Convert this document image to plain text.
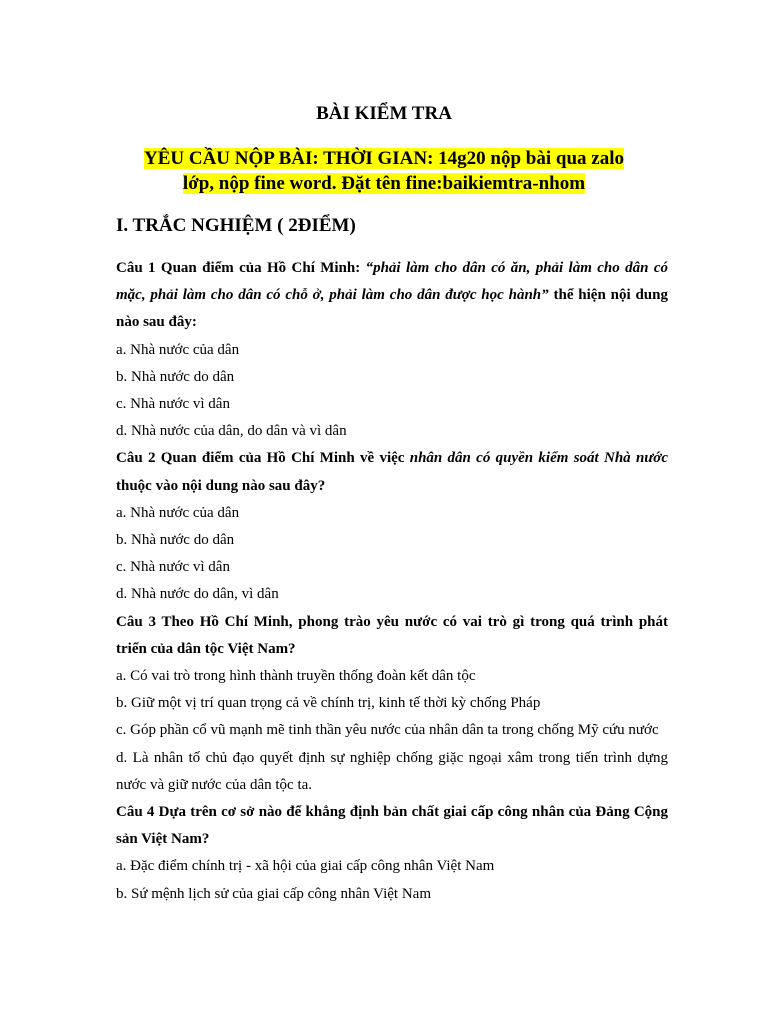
BÀI KIỂM TRA
YÊU CẦU NỘP BÀI: THỜI GIAN: 14g20 nộp bài qua zalo
lớp, nộp fine word. Đặt tên fine:baikiemtra-nhom
I. TRẮC NGHIỆM ( 2ĐIỂM)

Câu 1 Quan điểm của Hồ Chí Minh: “phải làm cho dân có ăn, phải làm cho dân có mặc, phải làm cho dân có chỗ ở, phải làm cho dân được học hành” thể hiện nội dung nào sau đây:

a. Nhà nước của dân

b. Nhà nước do dân

c. Nhà nước vì dân

d. Nhà nước của dân, do dân và vì dân

Câu 2 Quan điểm của Hồ Chí Minh về việc nhân dân có quyền kiểm soát Nhà nước thuộc vào nội dung nào sau đây?

a. Nhà nước của dân

b. Nhà nước do dân

c. Nhà nước vì dân

d. Nhà nước do dân, vì dân

Câu 3 Theo Hồ Chí Minh, phong trào yêu nước có vai trò gì trong quá trình phát triển của dân tộc Việt Nam?

a. Có vai trò trong hình thành truyền thống đoàn kết dân tộc

b. Giữ một vị trí quan trọng cả về chính trị, kinh tế thời kỳ chống Pháp

c. Góp phần cổ vũ mạnh mẽ tinh thần yêu nước của nhân dân ta trong chống Mỹ cứu nước

d. Là nhân tố chủ đạo quyết định sự nghiệp chống giặc ngoại xâm trong tiến trình dựng nước và giữ nước của dân tộc ta.

Câu 4 Dựa trên cơ sở nào để khẳng định bản chất giai cấp công nhân của Đảng Cộng sản Việt Nam?

a. Đặc điểm chính trị - xã hội của giai cấp công nhân Việt Nam

b. Sứ mệnh lịch sử của giai cấp công nhân Việt Nam
